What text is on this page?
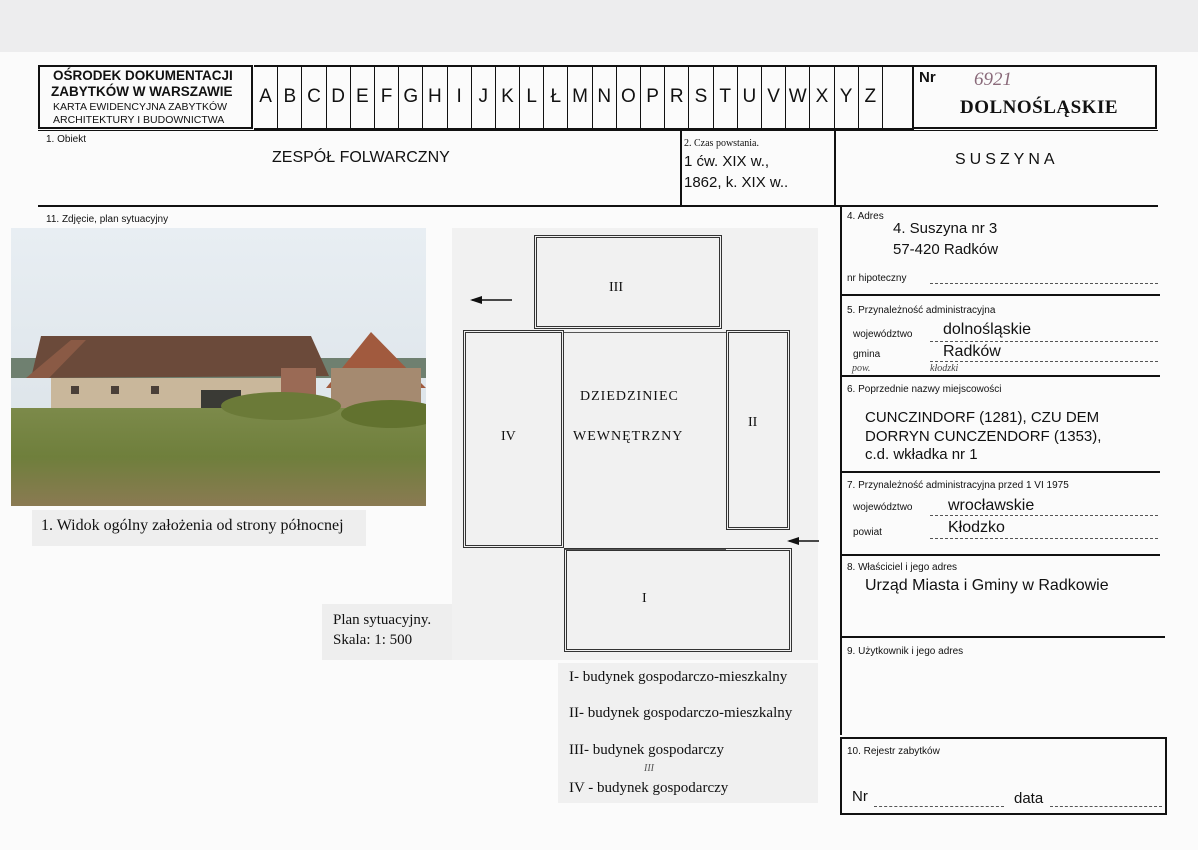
OŚRODEK DOKUMENTACJI
ZABYTKÓW W WARSZAWIE
KARTA EWIDENCYJNA ZABYTKÓW
ARCHITEKTURY I BUDOWNICTWA
A B C D E F G H I J K L Ł M N O P R S T U V W X Y Z
Nr 6921
DOLNOŚLĄSKIE
1. Obiekt
ZESPÓŁ FOLWARCZNY
2. Czas powstania.
1 ćw. XIX w.,
1862, k. XIX w..
SUSZYNA
11. Zdjęcie, plan sytuacyjny
1. Widok ogólny założenia od strony północnej
III
IV
DZIEDZINIEC
WEWNĘTRZNY
II
I
Plan sytuacyjny.
Skala: 1: 500
I- budynek gospodarczo-mieszkalny
II- budynek gospodarczo-mieszkalny
III- budynek gospodarczy
III
IV - budynek gospodarczy
4. Adres
4. Suszyna nr 3
57-420 Radków
nr hipoteczny
5. Przynależność administracyjna
województwo dolnośląskie
gmina	Radków
pow.	kłodzki
6. Poprzednie nazwy miejscowości
CUNCZINDORF (1281), CZU DEM
DORRYN CUNCZENDORF (1353),
c.d. wkładka nr 1
7. Przynależność administracyjna przed 1 VI 1975
województwo wrocławskie
powiat	Kłodzko
8. Właściciel i jego adres
Urząd Miasta i Gminy w Radkowie
9. Użytkownik i jego adres
10. Rejestr zabytków
Nr	data
